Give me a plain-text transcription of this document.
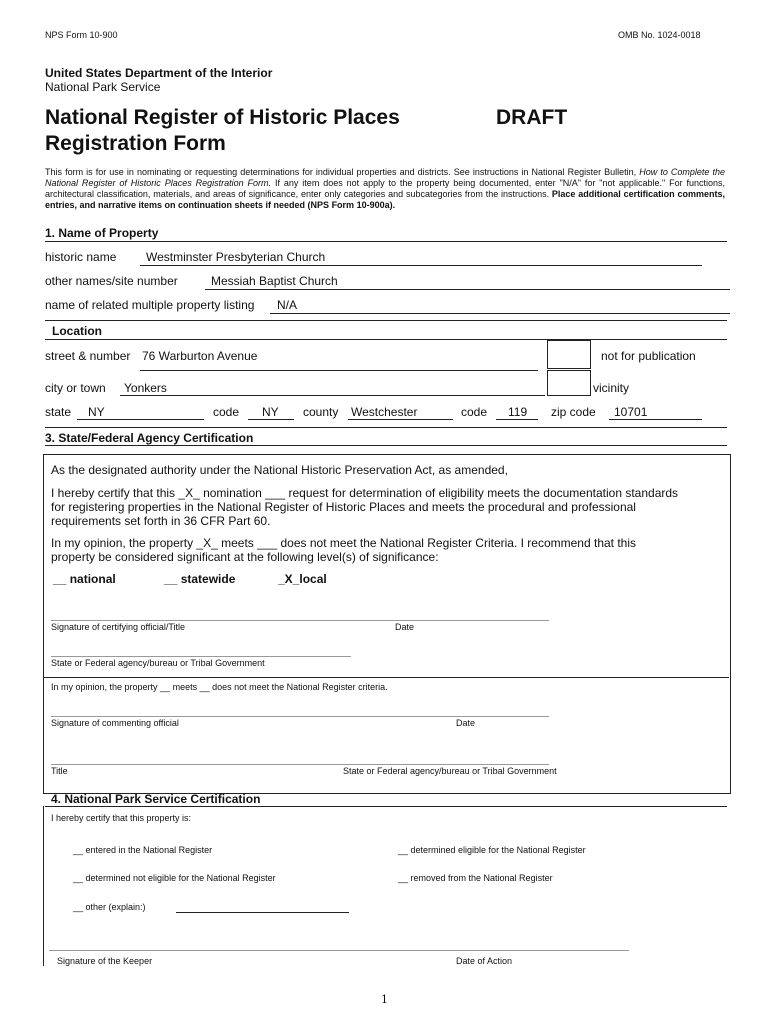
NPS Form 10-900	OMB No. 1024-0018
United States Department of the Interior
National Park Service
National Register of Historic Places
Registration Form
DRAFT
This form is for use in nominating or requesting determinations for individual properties and districts. See instructions in National Register Bulletin, How to Complete the National Register of Historic Places Registration Form. If any item does not apply to the property being documented, enter "N/A" for "not applicable." For functions, architectural classification, materials, and areas of significance, enter only categories and subcategories from the instructions. Place additional certification comments, entries, and narrative items on continuation sheets if needed (NPS Form 10-900a).
1. Name of Property
historic name Westminster Presbyterian Church
other names/site number	Messiah Baptist Church
name of related multiple property listing N/A
Location
street & number 76 Warburton Avenue	not for publication
city or town Yonkers	vicinity
state NY	code NY county Westchester	code 119 zip code 10701
3. State/Federal Agency Certification
As the designated authority under the National Historic Preservation Act, as amended,
I hereby certify that this _X_ nomination ___ request for determination of eligibility meets the documentation standards
for registering properties in the National Register of Historic Places and meets the procedural and professional
requirements set forth in 36 CFR Part 60.
In my opinion, the property _X_ meets ___ does not meet the National Register Criteria. I recommend that this
property be considered significant at the following level(s) of significance:
__ national	__ statewide	_X_local
Signature of certifying official/Title	Date
State or Federal agency/bureau or Tribal Government
In my opinion, the property __ meets __ does not meet the National Register criteria.
Signature of commenting official	Date
Title	State or Federal agency/bureau or Tribal Government
4. National Park Service Certification
I hereby certify that this property is:
__ entered in the National Register	__ determined eligible for the National Register
__ determined not eligible for the National Register	__ removed from the National Register
__ other (explain:)
Signature of the Keeper	Date of Action
1
